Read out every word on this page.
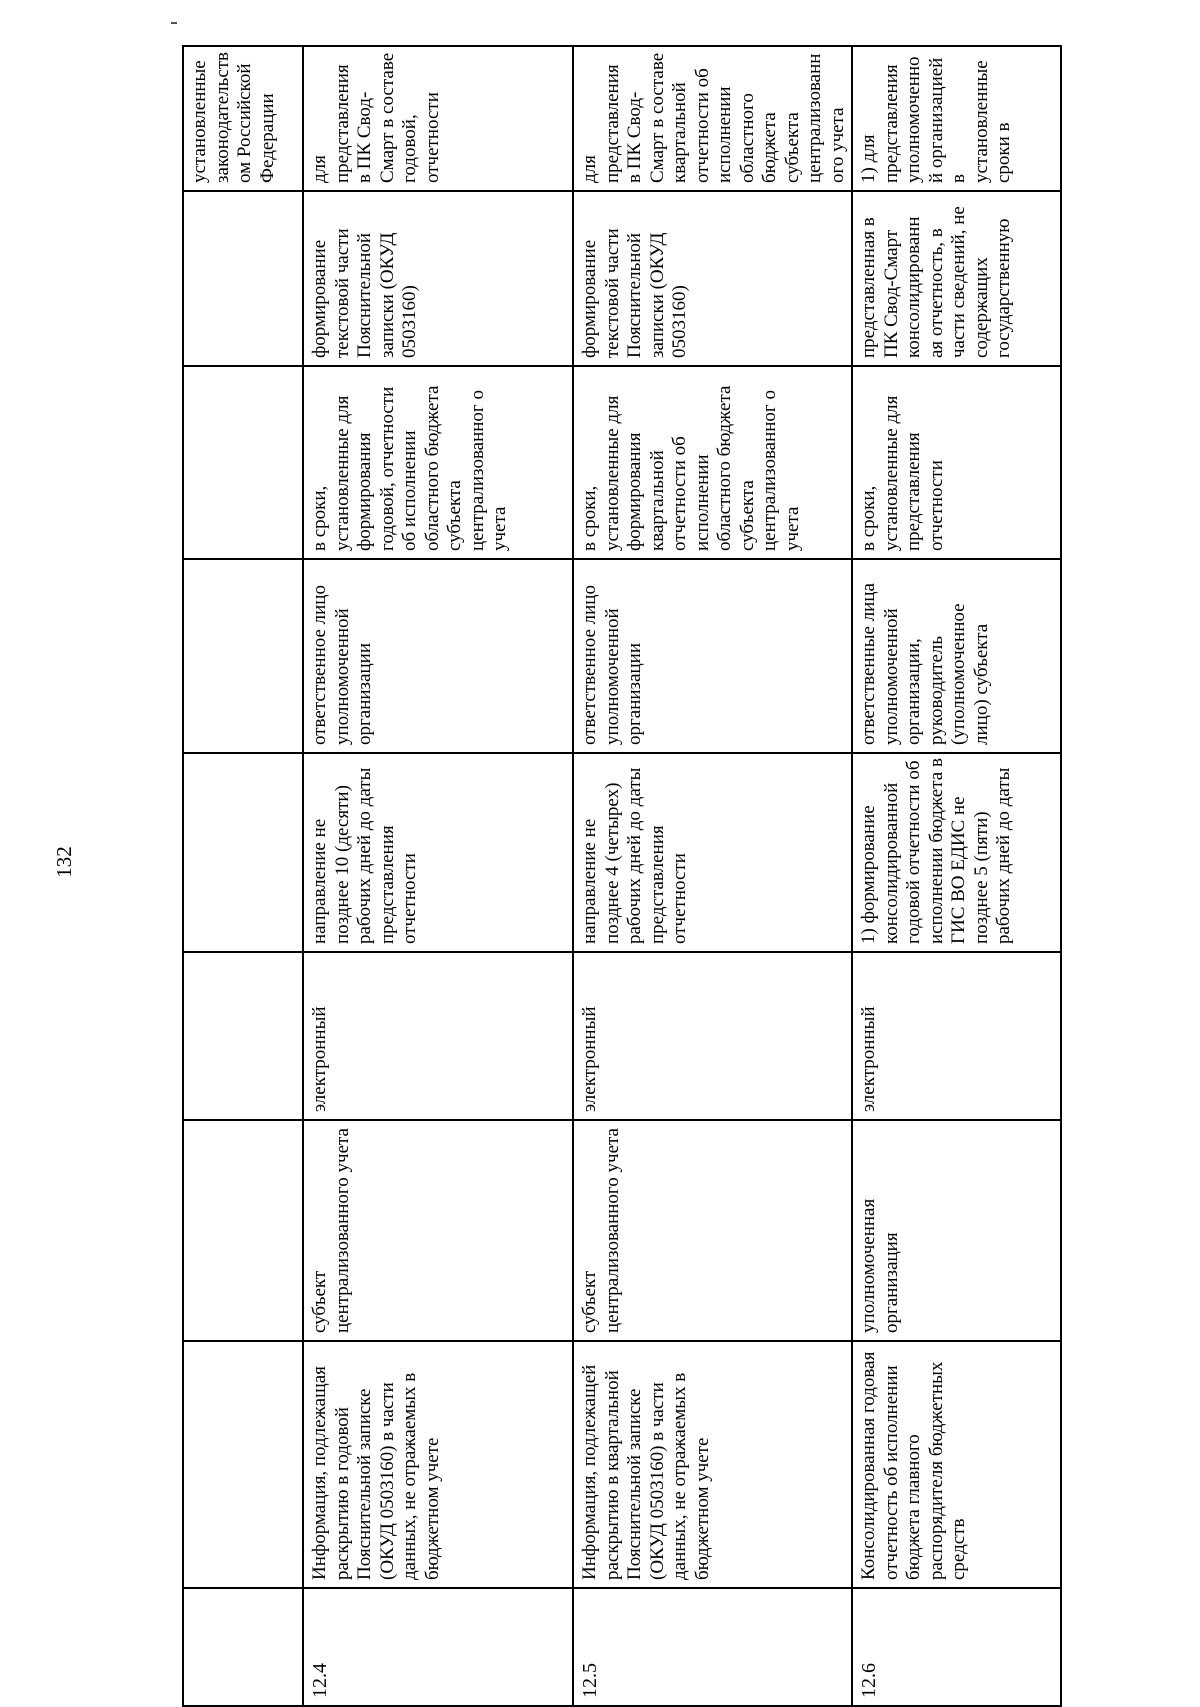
132

								установленные законодательств ом Российской Федерации

12.4	Информация, подлежащая раскрытию в годовой Пояснительной записке (ОКУД 0503160) в части данных, не отражаемых в бюджетном учете	субъект централизованного учета	электронный	направление не позднее 10 (десяти) рабочих дней до даты представления отчетности	ответственное лицо уполномоченной организации	в сроки, установленные для формирования годовой, отчетности об исполнении областного бюджета субъекта централизованног о учета	формирование текстовой части Пояснительной записки (ОКУД 0503160)	для представления в ПК Свод-Смарт в составе годовой, отчетности

12.5	Информация, подлежащей раскрытию в квартальной Пояснительной записке (ОКУД 0503160) в части данных, не отражаемых в бюджетном учете	субъект централизованного учета	электронный	направление не позднее 4 (четырех) рабочих дней до даты представления отчетности	ответственное лицо уполномоченной организации	в сроки, установленные для формирования квартальной отчетности об исполнении областного бюджета субъекта централизованног о учета	формирование текстовой части Пояснительной записки (ОКУД 0503160)	для представления в ПК Свод-Смарт в составе квартальной отчетности об исполнении областного бюджета субъекта централизованн ого учета

12.6	Консолидированная годовая отчетность об исполнении бюджета главного распорядителя бюджетных средств	уполномоченная организация	электронный	1) формирование консолидированной годовой отчетности об исполнении бюджета в ГИС ВО ЕДИС не позднее 5 (пяти) рабочих дней до даты	ответственные лица уполномоченной организации, руководитель (уполномоченное лицо) субъекта	в сроки, установленные для представления отчетности	представленная в ПК Свод-Смарт консолидированн ая отчетность, в части сведений, не содержащих государственную	1) для представления уполномоченно й организацией в установленные сроки в
